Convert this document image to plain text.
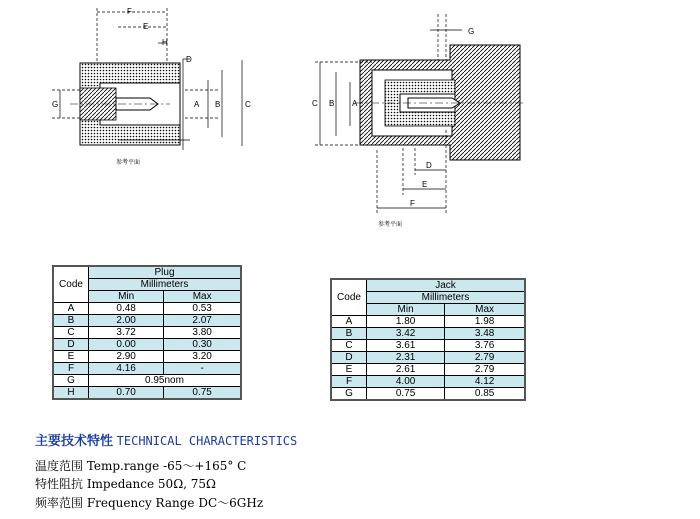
F
E
H
D
G	A B	C
参考平面
G
C B A
D
E
F
参考平面
Code	Plug	
	Millimeters	
	Min	Max
A	0.48	0.53
B	2.00	2.07
C	3.72	3.80
D	0.00	0.30
E	2.90	3.20
F	4.16	-
G	0.95nom	
H	0.70	0.75
Code	Jack	
	Millimeters	
	Min	Max
A	1.80	1.98
B	3.42	3.48
C	3.61	3.76
D	2.31	2.79
E	2.61	2.79
F	4.00	4.12
G	0.75	0.85
主要技术特性 TECHNICAL CHARACTERISTICS
温度范围 Temp.range -65～+165° C
特性阻抗 Impedance 50Ω, 75Ω
频率范围 Frequency Range DC～6GHz
